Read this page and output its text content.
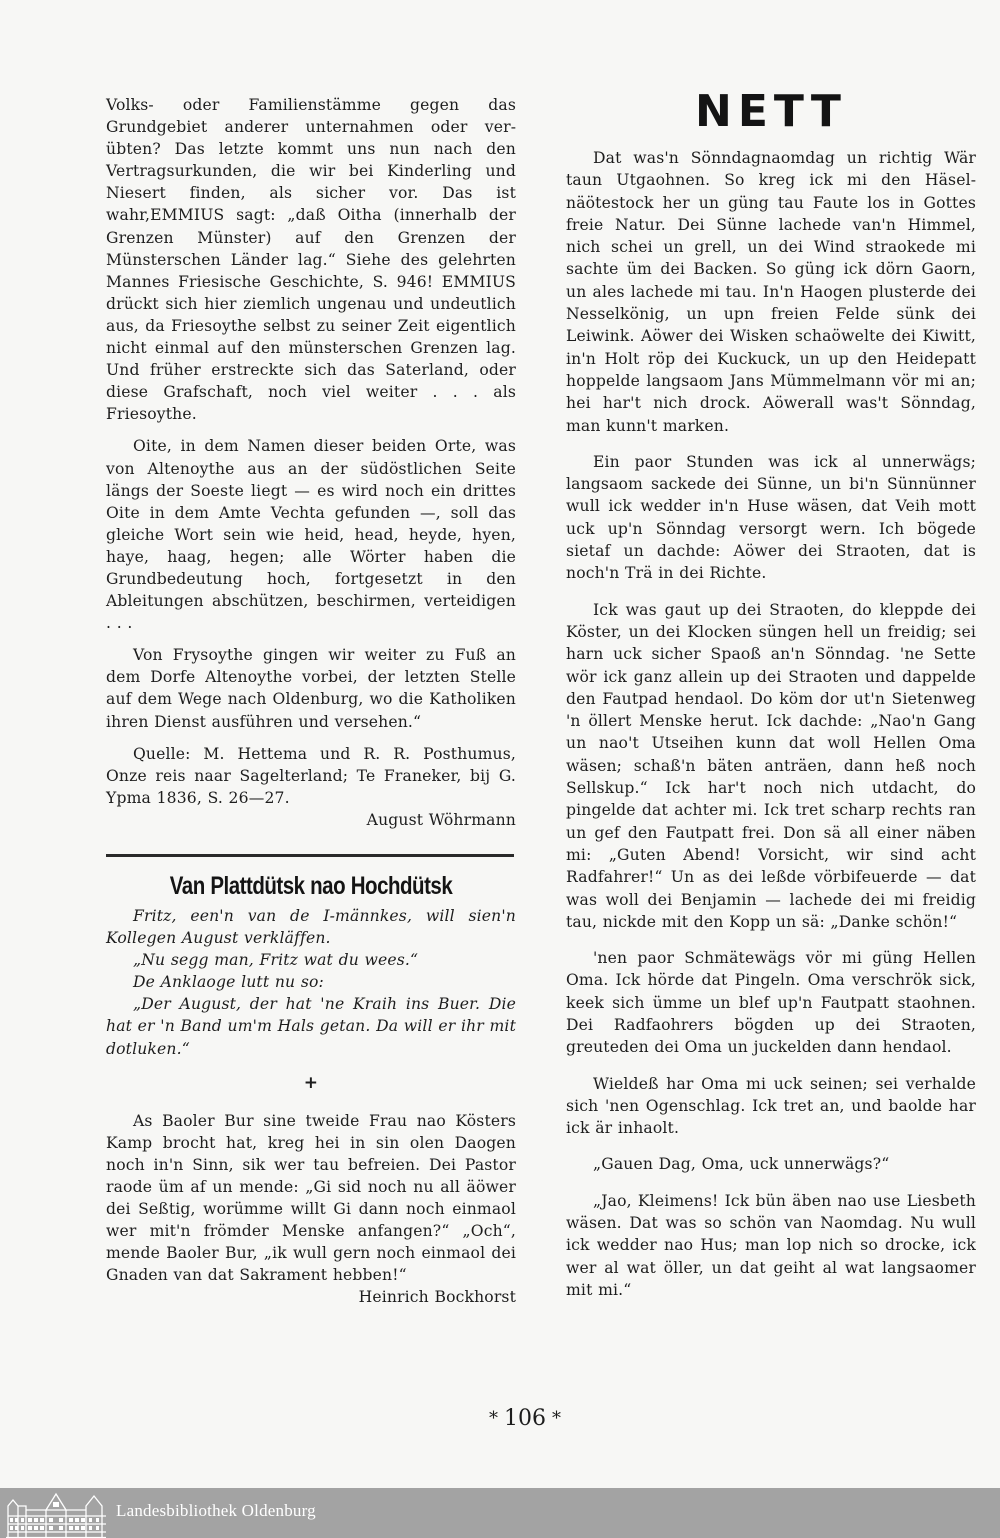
Volks- oder Familienstämme gegen das Grundgebiet anderer unternahmen oder verübten? Das letzte kommt uns nun nach den Vertragsurkunden, die wir bei Kinderling und Niesert finden, als sicher vor. Das ist wahr,EMMIUS sagt: „daß Oitha (innerhalb der Grenzen Münster) auf den Grenzen der Münsterschen Länder lag.“ Siehe des gelehrten Mannes Friesische Geschichte, S. 946! EMMIUS drückt sich hier ziemlich ungenau und undeutlich aus, da Friesoythe selbst zu seiner Zeit eigentlich nicht einmal auf den münsterschen Grenzen lag. Und früher erstreckte sich das Saterland, oder diese Grafschaft, noch viel weiter . . . als Friesoythe.

Oite, in dem Namen dieser beiden Orte, was von Altenoythe aus an der südöstlichen Seite längs der Soeste liegt — es wird noch ein drittes Oite in dem Amte Vechta gefunden —, soll das gleiche Wort sein wie heid, head, heyde, hyen, haye, haag, hegen; alle Wörter haben die Grundbedeutung hoch, fortgesetzt in den Ableitungen abschützen, beschirmen, verteidigen . . .

Von Frysoythe gingen wir weiter zu Fuß an dem Dorfe Altenoythe vorbei, der letzten Stelle auf dem Wege nach Oldenburg, wo die Katholiken ihren Dienst ausführen und versehen.“

Quelle: M. Hettema und R. R. Posthumus, Onze reis naar Sagelterland; Te Franeker, bij G. Ypma 1836, S. 26—27.

August Wöhrmann

Van Plattdütsk nao Hochdütsk

Fritz, een'n van de I-männkes, will sien'n Kollegen August verkläffen.

„Nu segg man, Fritz wat du wees.“

De Anklaoge lutt nu so:

„Der August, der hat 'ne Kraih ins Buer. Die hat er 'n Band um'm Hals getan. Da will er ihr mit dotluken.“

+

As Baoler Bur sine tweide Frau nao Kösters Kamp brocht hat, kreg hei in sin olen Daogen noch in'n Sinn, sik wer tau befreien. Dei Pastor raode üm af un mende: „Gi sid noch nu all äöwer dei Seßtig, worümme willt Gi dann noch einmaol wer mit'n frömder Menske anfangen?“ „Och“, mende Baoler Bur, „ik wull gern noch einmaol dei Gnaden van dat Sakrament hebben!“

Heinrich Bockhorst

NETT

Dat was'n Sönndagnaomdag un richtig Wär taun Utgaohnen. So kreg ick mi den Häselnäötestock her un güng tau Faute los in Gottes freie Natur. Dei Sünne lachede van'n Himmel, nich schei un grell, un dei Wind straokede mi sachte üm dei Backen. So güng ick dörn Gaorn, un ales lachede mi tau. In'n Haogen plusterde dei Nesselkönig, un upn freien Felde sünk dei Leiwink. Aöwer dei Wisken schaöwelte dei Kiwitt, in'n Holt röp dei Kuckuck, un up den Heidepatt hoppelde langsaom Jans Mümmelmann vör mi an; hei har't nich drock. Aöwerall was't Sönndag, man kunn't marken.

Ein paor Stunden was ick al unnerwägs; langsaom sackede dei Sünne, un bi'n Sünnünner wull ick wedder in'n Huse wäsen, dat Veih mott uck up'n Sönndag versorgt wern. Ich bögede sietaf un dachde: Aöwer dei Straoten, dat is noch'n Trä in dei Richte.

Ick was gaut up dei Straoten, do kleppde dei Köster, un dei Klocken süngen hell un freidig; sei harn uck sicher Spaoß an'n Sönndag. 'ne Sette wör ick ganz allein up dei Straoten und dappelde den Fautpad hendaol. Do köm dor ut'n Sietenweg 'n öllert Menske herut. Ick dachde: „Nao'n Gang un nao't Utseihen kunn dat woll Hellen Oma wäsen; schaß'n bäten anträen, dann heß noch Sellskup.“ Ick har't noch nich utdacht, do pingelde dat achter mi. Ick tret scharp rechts ran un gef den Fautpatt frei. Don sä all einer näben mi: „Guten Abend! Vorsicht, wir sind acht Radfahrer!“ Un as dei leßde vörbifeuerde — dat was woll dei Benjamin — lachede dei mi freidig tau, nickde mit den Kopp un sä: „Danke schön!“

'nen paor Schmätewägs vör mi güng Hellen Oma. Ick hörde dat Pingeln. Oma verschrök sick, keek sich ümme un blef up'n Fautpatt staohnen. Dei Radfaohrers bögden up dei Straoten, greuteden dei Oma un juckelden dann hendaol.

Wieldeß har Oma mi uck seinen; sei verhalde sich 'nen Ogenschlag. Ick tret an, und baolde har ick är inhaolt.

„Gauen Dag, Oma, uck unnerwägs?“

„Jao, Kleimens! Ick bün äben nao use Liesbeth wäsen. Dat was so schön van Naomdag. Nu wull ick wedder nao Hus; man lop nich so drocke, ick wer al wat öller, un dat geiht al wat langsaomer mit mi.“

* 106 *
Landesbibliothek Oldenburg
